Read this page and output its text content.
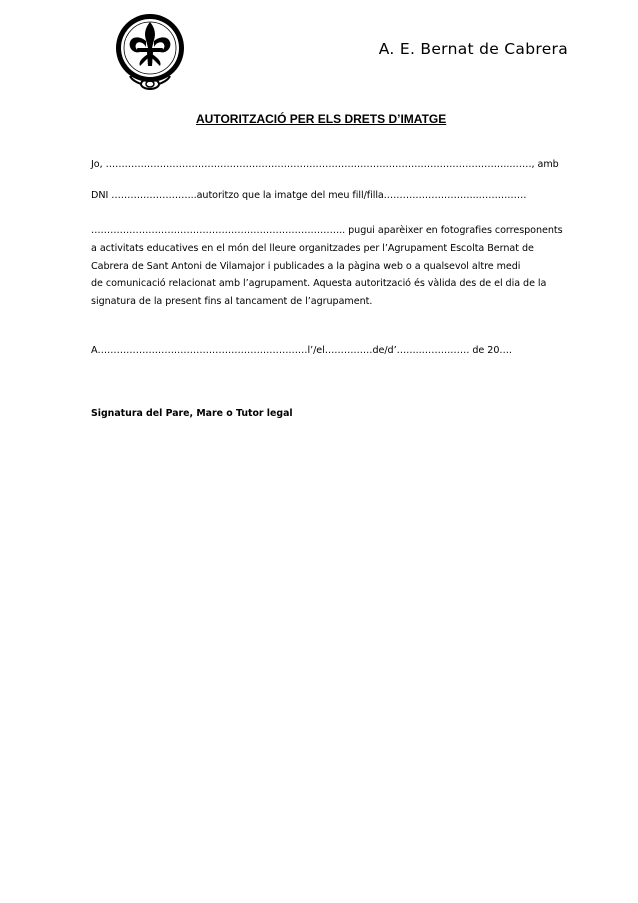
A. E. Bernat de Cabrera
AUTORITZACIÓ PER ELS DRETS D’IMATGE
Jo, ………………………………………………………………………………………………………………..……, amb
DNI ……………………...autoritzo que la imatge del meu fill/filla.………………………..……………
…………………………………………………………………….. pugui aparèixer en fotografies corresponents
a activitats educatives en el món del lleure organitzades per l’Agrupament Escolta Bernat de
Cabrera de Sant Antoni de Vilamajor i publicades a la pàgina web o a qualsevol altre medi
de comunicació relacionat amb l’agrupament. Aquesta autorització és vàlida des de el dia de la
signatura de la present fins al tancament de l’agrupament.
A…………………………………………………………l’/el……………de/d’……..…………… de 20….
Signatura del Pare, Mare o Tutor legal
